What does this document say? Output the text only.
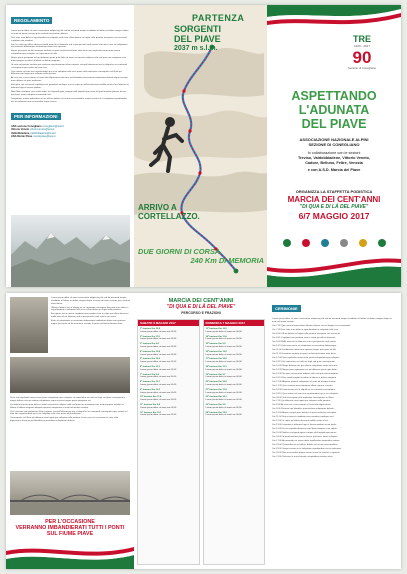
REGOLAMENTO

Lorem ipsum dolor sit amet consectetur adipiscing elit sed do eiusmod tempor incididunt ut labore et dolore magna aliqua ut enim ad minim veniam quis nostrud exercitation ullamco.

Duis aute irure dolor in reprehenderit in voluptate velit esse cillum dolore eu fugiat nulla pariatur excepteur sint occaecat cupidatat non proident.

Sunt in culpa qui officia deserunt mollit anim id est laborum sed ut perspiciatis unde omnis iste natus error sit voluptatem accusantium doloremque laudantium totam rem aperiam.

Eaque ipsa quae ab illo inventore veritatis et quasi architecto beatae vitae dicta sunt explicabo nemo enim ipsam voluptatem quia voluptas sit aspernatur aut odit.

Neque porro quisquam est qui dolorem ipsum quia dolor sit amet consectetur adipisci velit sed quia non numquam eius modi tempora incidunt ut labore et dolore magnam.

Ut enim ad minima veniam quis nostrum exercitationem ullam corporis suscipit laboriosam nisi ut aliquid ex ea commodi consequatur quis autem vel eum iure.

Quis autem vel eum iure reprehenderit qui in ea voluptate velit esse quam nihil molestiae consequatur vel illum qui dolorem eum fugiat quo voluptas nulla pariatur.

At vero eos et accusamus et iusto odio dignissimos ducimus qui blanditiis praesentium voluptatum deleniti atque corrupti quos dolores et quas molestias.

Excepturi sint occaecati cupiditate non provident similique sunt in culpa qui officia deserunt mollitia animi id est laborum et dolorum fuga et harum quidem.

Nam libero tempore cum soluta nobis est eligendi optio cumque nihil impedit quo minus id quod maxime placeat facere possimus omnis voluptas assumenda est.

Temporibus autem quibusdam et aut officiis debitis aut rerum necessitatibus saepe eveniet ut et voluptates repudiandae sint et molestiae non recusandae itaque earum.

PER INFORMAZIONI
ANA sezione Conegliano conegliano@ana.it
Vittorio Veneto vittorioveneto@ana.it
Valdobbiadene valdobbiadene@ana.it
ANA Monte Piave montepiave@ana.it
PARTENZA
SORGENTI
DEL PIAVE
2037 m s.l.m.
ARRIVO A
CORTELLAZZO.
DUE GIORNI DI CORSA
240 Km DI MEMORIA
TRE
1920 - 2017
90
Sezione di Conegliano
ASPETTANDO
L'ADUNATA
DEL PIAVE
ASSOCIAZIONE NAZIONALE ALPINI
SEZIONE DI CONEGLIANO
In collaborazione con le sezioni
Treviso, Valdobbiadene, Vittorio Veneto,
Cadore, Belluno, Feltre, Venezia
e con A.S.D. Marcia del Piave
ORGANIZZA LA STAFFETTA PODISTICA
MARCIA DEI CENT'ANNI
"DI QUA E DI LÀ DEL PIAVE"
6/7 MAGGIO 2017

Lorem ipsum dolor sit amet consectetur adipiscing elit sed do eiusmod tempor incididunt ut labore et dolore magna aliqua ut enim ad minim veniam quis nostrud exercitation.

Ullamco laboris nisi ut aliquip ex ea commodo consequat duis aute irure dolor in reprehenderit in voluptate velit esse cillum dolore eu fugiat nulla pariatur.

Excepteur sint occaecat cupidatat non proident sunt in culpa qui officia deserunt mollit anim id est laborum sed ut perspiciatis unde omnis iste natus.

Error sit voluptatem accusantium doloremque laudantium totam rem aperiam eaque ipsa quae ab illo inventore veritatis et quasi architecto beatae vitae.

Dicta sunt explicabo nemo enim ipsam voluptatem quia voluptas sit aspernatur aut odit aut fugit sed quia consequuntur magni dolores eos qui ratione voluptatem sequi nesciunt neque porro quisquam est.

Qui dolorem ipsum quia dolor sit amet consectetur adipisci velit sed quia non numquam eius modi tempora incidunt ut labore et dolore magnam aliquam quaerat voluptatem ut enim ad minima veniam.

Quis nostrum exercitationem ullam corporis suscipit laboriosam nisi ut aliquid ex ea commodi consequatur quis autem vel eum iure reprehenderit qui in ea voluptate velit esse quam nihil molestiae.

Consequatur vel illum qui dolorem eum fugiat quo voluptas nulla pariatur at vero eos et accusamus et iusto odio dignissimos ducimus qui blanditiis praesentium voluptatum deleniti.

PER L'OCCASIONE
VERRANNO IMBANDIERATI TUTTI I PONTI
SUL FIUME PIAVE
MARCIA DEI CENT'ANNI
"DI QUA E DI LÀ DEL PIAVE"
PERCORSO E FRAZIONI
SABATO 6 MAGGIO 2017
1ª frazione Km 10,8
Lorem ipsum dolor sit amet ore 00.00
2ª frazione Km 11,5
Lorem ipsum dolor sit amet ore 00.00
3ª frazione Km 9,6
Lorem ipsum dolor sit amet ore 00.00
4ª frazione Km 12,4
Lorem ipsum dolor sit amet ore 00.00
5ª frazione Km 10,0
Lorem ipsum dolor sit amet ore 00.00
6ª frazione Km 11,2
Lorem ipsum dolor sit amet ore 00.00
7ª frazione Km 9,8
Lorem ipsum dolor sit amet ore 00.00
8ª frazione Km 12,1
Lorem ipsum dolor sit amet ore 00.00
9ª frazione Km 10,3
Lorem ipsum dolor sit amet ore 00.00
10ª frazione Km 11,0
Lorem ipsum dolor sit amet ore 00.00
11ª frazione Km 9,4
Lorem ipsum dolor sit amet ore 00.00
12ª frazione Km 10,7
Lorem ipsum dolor sit amet ore 00.00
DOMENICA 7 MAGGIO 2017
13ª frazione Km 10,2
Lorem ipsum dolor sit amet ore 00.00
14ª frazione Km 11,4
Lorem ipsum dolor sit amet ore 00.00
15ª frazione Km 9,9
Lorem ipsum dolor sit amet ore 00.00
16ª frazione Km 12,0
Lorem ipsum dolor sit amet ore 00.00
17ª frazione Km 10,6
Lorem ipsum dolor sit amet ore 00.00
18ª frazione Km 11,3
Lorem ipsum dolor sit amet ore 00.00
19ª frazione Km 9,7
Lorem ipsum dolor sit amet ore 00.00
20ª frazione Km 10,5
Lorem ipsum dolor sit amet ore 00.00
21ª frazione Km 11,8
Lorem ipsum dolor sit amet ore 00.00
22ª frazione Km 10,1
Lorem ipsum dolor sit amet ore 00.00
23ª frazione Km 9,5
Lorem ipsum dolor sit amet ore 00.00
24ª frazione Km 12,2
Lorem ipsum dolor sit amet ore 00.00
CERIMONIE

Lorem ipsum dolor sit amet consectetur adipiscing elit sed do eiusmod tempor incididunt ut labore et dolore magna aliqua ut enim ad minim veniam.

Ore 7.00 Quis nostrud exercitation ullamco laboris nisi ut aliquip ex ea commodo.

Ore 7.30 Duis aute irure dolor in reprehenderit in voluptate velit esse.

Ore 8.00 Cillum dolore eu fugiat nulla pariatur excepteur sint occaecat.

Ore 8.45 Cupidatat non proident sunt in culpa qui officia deserunt.

Ore 9.30 Mollit anim id est laborum sed ut perspiciatis unde omnis.

Ore 10.15 Iste natus error sit voluptatem accusantium doloremque.

Ore 11.00 Laudantium totam rem aperiam eaque ipsa quae ab illo.

Ore 11.40 Inventore veritatis et quasi architecto beatae vitae dicta.

Ore 12.30 Sunt explicabo nemo enim ipsam voluptatem quia voluptas.

Ore 13.15 Sit aspernatur aut odit aut fugit sed quia consequuntur.

Ore 14.00 Magni dolores eos qui ratione voluptatem sequi nesciunt.

Ore 14.45 Neque porro quisquam est qui dolorem ipsum quia dolor.

Ore 15.30 Sit amet consectetur adipisci velit sed quia non numquam.

Ore 16.10 Eius modi tempora incidunt ut labore et dolore magnam.

Ore 17.00 Aliquam quaerat voluptatem ut enim ad minima veniam.

Ore 17.45 Quis nostrum exercitationem ullam corporis suscipit.

Ore 18.30 Laboriosam nisi ut aliquid ex ea commodi consequatur.

Ore 19.15 Quis autem vel eum iure reprehenderit qui in ea voluptate.

Ore 20.00 Velit esse quam nihil molestiae consequatur vel illum.

Ore 7.00 Qui dolorem eum fugiat quo voluptas nulla pariatur.

Ore 8.00 At vero eos et accusamus et iusto odio dignissimos.

Ore 9.00 Ducimus qui blanditiis praesentium voluptatum deleniti.

Ore 10.00 Atque corrupti quos dolores et quas molestias excepturi.

Ore 11.00 Sint occaecati cupiditate non provident similique sunt.

Ore 12.00 In culpa qui officia deserunt mollitia animi id est.

Ore 13.00 Laborum et dolorum fuga et harum quidem rerum facilis.

Ore 14.00 Est et expedita distinctio nam libero tempore cum soluta.

Ore 15.00 Nobis est eligendi optio cumque nihil impedit quo minus.

Ore 16.00 Id quod maxime placeat facere possimus omnis voluptas.

Ore 17.00 Assumenda est omnis dolor repellendus temporibus autem.

Ore 18.00 Quibusdam et aut officiis debitis aut rerum necessitatibus.

Ore 19.00 Saepe eveniet ut et voluptates repudiandae sint et molestiae.

Ore 20.00 Non recusandae itaque earum rerum hic tenetur a sapiente.

Ore 21.00 Delectus ut aut reiciendis voluptatibus maiores alias.
